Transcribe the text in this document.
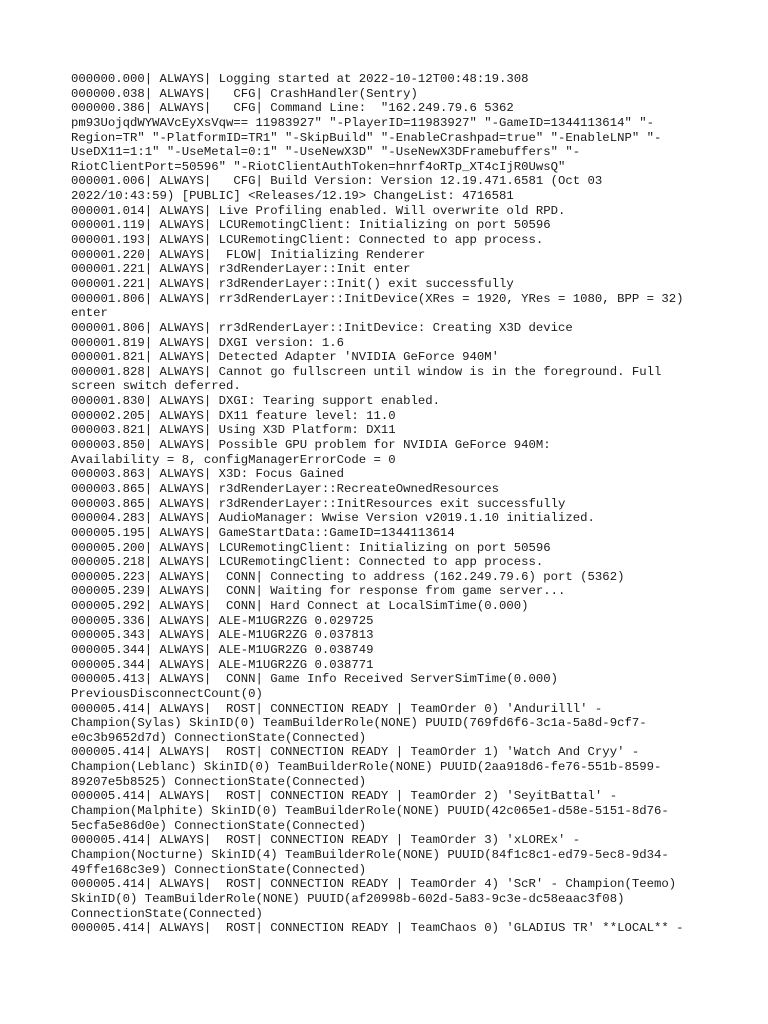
000000.000| ALWAYS| Logging started at 2022-10-12T00:48:19.308
000000.038| ALWAYS|   CFG| CrashHandler(Sentry)
000000.386| ALWAYS|   CFG| Command Line:  "162.249.79.6 5362
pm93UojqdWYWAVcEyXsVqw== 11983927" "-PlayerID=11983927" "-GameID=1344113614" "-
Region=TR" "-PlatformID=TR1" "-SkipBuild" "-EnableCrashpad=true" "-EnableLNP" "-
UseDX11=1:1" "-UseMetal=0:1" "-UseNewX3D" "-UseNewX3DFramebuffers" "-
RiotClientPort=50596" "-RiotClientAuthToken=hnrf4oRTp_XT4cIjR0UwsQ"
000001.006| ALWAYS|   CFG| Build Version: Version 12.19.471.6581 (Oct 03
2022/10:43:59) [PUBLIC] <Releases/12.19> ChangeList: 4716581
000001.014| ALWAYS| Live Profiling enabled. Will overwrite old RPD.
000001.119| ALWAYS| LCURemotingClient: Initializing on port 50596
000001.193| ALWAYS| LCURemotingClient: Connected to app process.
000001.220| ALWAYS|  FLOW| Initializing Renderer
000001.221| ALWAYS| r3dRenderLayer::Init enter
000001.221| ALWAYS| r3dRenderLayer::Init() exit successfully
000001.806| ALWAYS| rr3dRenderLayer::InitDevice(XRes = 1920, YRes = 1080, BPP = 32)
enter
000001.806| ALWAYS| rr3dRenderLayer::InitDevice: Creating X3D device
000001.819| ALWAYS| DXGI version: 1.6
000001.821| ALWAYS| Detected Adapter 'NVIDIA GeForce 940M'
000001.828| ALWAYS| Cannot go fullscreen until window is in the foreground. Full
screen switch deferred.
000001.830| ALWAYS| DXGI: Tearing support enabled.
000002.205| ALWAYS| DX11 feature level: 11.0
000003.821| ALWAYS| Using X3D Platform: DX11
000003.850| ALWAYS| Possible GPU problem for NVIDIA GeForce 940M:
Availability = 8, configManagerErrorCode = 0
000003.863| ALWAYS| X3D: Focus Gained
000003.865| ALWAYS| r3dRenderLayer::RecreateOwnedResources
000003.865| ALWAYS| r3dRenderLayer::InitResources exit successfully
000004.283| ALWAYS| AudioManager: Wwise Version v2019.1.10 initialized.
000005.195| ALWAYS| GameStartData::GameID=1344113614
000005.200| ALWAYS| LCURemotingClient: Initializing on port 50596
000005.218| ALWAYS| LCURemotingClient: Connected to app process.
000005.223| ALWAYS|  CONN| Connecting to address (162.249.79.6) port (5362)
000005.239| ALWAYS|  CONN| Waiting for response from game server...
000005.292| ALWAYS|  CONN| Hard Connect at LocalSimTime(0.000)
000005.336| ALWAYS| ALE-M1UGR2ZG 0.029725
000005.343| ALWAYS| ALE-M1UGR2ZG 0.037813
000005.344| ALWAYS| ALE-M1UGR2ZG 0.038749
000005.344| ALWAYS| ALE-M1UGR2ZG 0.038771
000005.413| ALWAYS|  CONN| Game Info Received ServerSimTime(0.000)
PreviousDisconnectCount(0)
000005.414| ALWAYS|  ROST| CONNECTION READY | TeamOrder 0) 'Andurilll' -
Champion(Sylas) SkinID(0) TeamBuilderRole(NONE) PUUID(769fd6f6-3c1a-5a8d-9cf7-
e0c3b9652d7d) ConnectionState(Connected)
000005.414| ALWAYS|  ROST| CONNECTION READY | TeamOrder 1) 'Watch And Cryy' -
Champion(Leblanc) SkinID(0) TeamBuilderRole(NONE) PUUID(2aa918d6-fe76-551b-8599-
89207e5b8525) ConnectionState(Connected)
000005.414| ALWAYS|  ROST| CONNECTION READY | TeamOrder 2) 'SeyitBattal' -
Champion(Malphite) SkinID(0) TeamBuilderRole(NONE) PUUID(42c065e1-d58e-5151-8d76-
5ecfa5e86d0e) ConnectionState(Connected)
000005.414| ALWAYS|  ROST| CONNECTION READY | TeamOrder 3) 'xLOREx' -
Champion(Nocturne) SkinID(4) TeamBuilderRole(NONE) PUUID(84f1c8c1-ed79-5ec8-9d34-
49ffe168c3e9) ConnectionState(Connected)
000005.414| ALWAYS|  ROST| CONNECTION READY | TeamOrder 4) 'ScR' - Champion(Teemo)
SkinID(0) TeamBuilderRole(NONE) PUUID(af20998b-602d-5a83-9c3e-dc58eaac3f08)
ConnectionState(Connected)
000005.414| ALWAYS|  ROST| CONNECTION READY | TeamChaos 0) 'GLADIUS TR' **LOCAL** -
